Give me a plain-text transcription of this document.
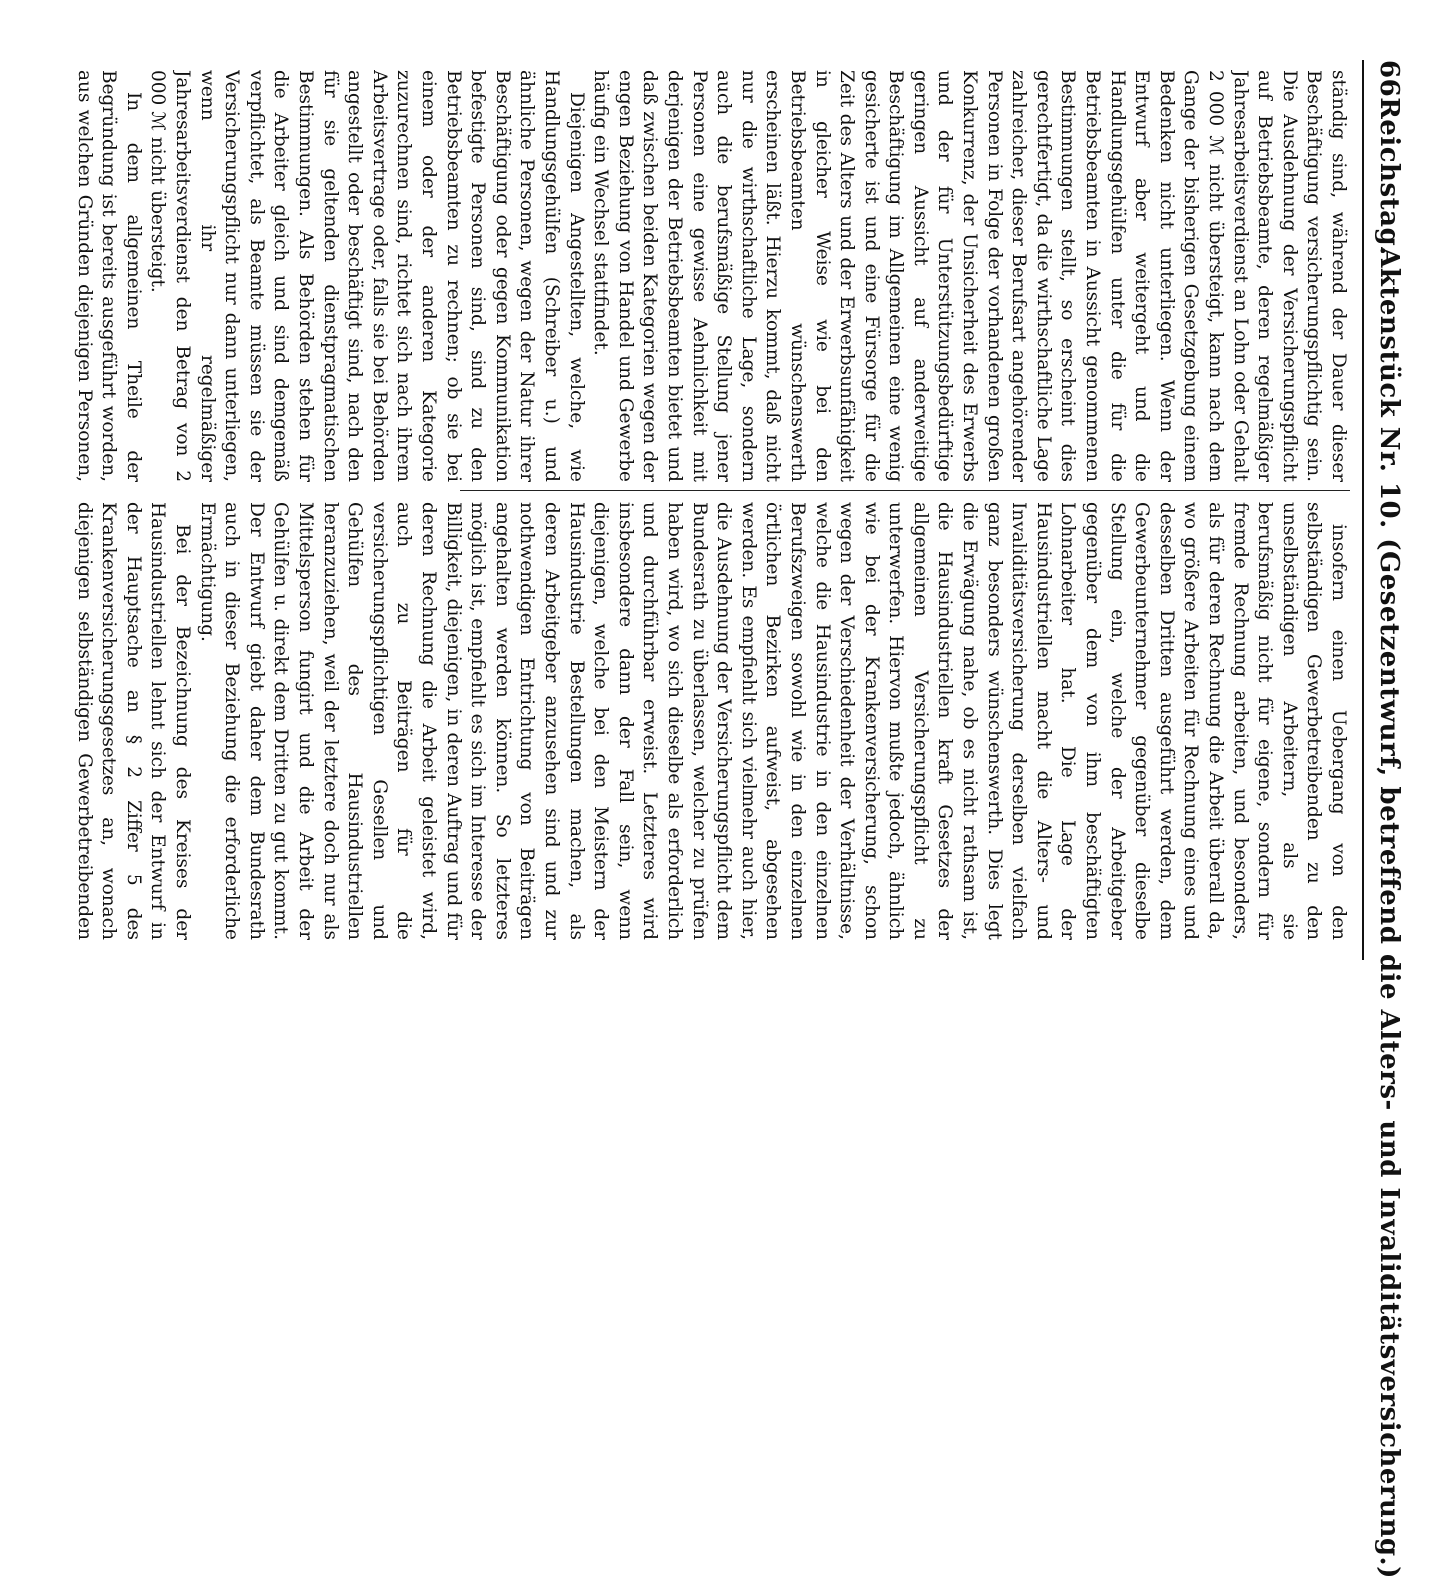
66
Reichstag.
Aktenstück Nr. 10. (Gesetzentwurf, betreffend die Alters- und Invaliditätsversicherung.)

ständig sind, während der Dauer dieser Beschäftigung versicherungspflichtig sein. Die Ausdehnung der Versicherungspflicht auf Betriebsbeamte, deren regelmäßiger Jahresarbeitsverdienst an Lohn oder Gehalt 2 000 ℳ nicht übersteigt, kann nach dem Gange der bisherigen Gesetzgebung einem Bedenken nicht unterliegen. Wenn der Entwurf aber weitergeht und die Handlungsgehülfen unter die für die Betriebsbeamten in Aussicht genommenen Bestimmungen stellt, so erscheint dies gerechtfertigt, da die wirthschaftliche Lage zahlreicher, dieser Berufsart angehörender Personen in Folge der vorhandenen großen Konkurrenz, der Unsicherheit des Erwerbs und der für Unterstützungsbedürftige geringen Aussicht auf anderweitige Beschäftigung im Allgemeinen eine wenig gesicherte ist und eine Fürsorge für die Zeit des Alters und der Erwerbsunfähigkeit in gleicher Weise wie bei den Betriebsbeamten wünschenswerth erscheinen läßt. Hierzu kommt, daß nicht nur die wirthschaftliche Lage, sondern auch die berufsmäßige Stellung jener Personen eine gewisse Aehnlichkeit mit derjenigen der Betriebsbeamten bietet und daß zwischen beiden Kategorien wegen der engen Beziehung von Handel und Gewerbe häufig ein Wechsel stattfindet.

Diejenigen Angestellten, welche, wie Handlungsgehülfen (Schreiber u.) und ähnliche Personen, wegen der Natur ihrer Beschäftigung oder gegen Kommunikation befestigte Personen sind, sind zu den Betriebsbeamten zu rechnen; ob sie bei einem oder der anderen Kategorie zuzurechnen sind, richtet sich nach ihrem Arbeitsvertrage oder, falls sie bei Behörden angestellt oder beschäftigt sind, nach den für sie geltenden dienstpragmatischen Bestimmungen. Als Behörden stehen für die Arbeiter gleich und sind demgemäß verpflichtet, als Beamte müssen sie der Versicherungspflicht nur dann unterliegen, wenn ihr regelmäßiger Jahresarbeitsverdienst den Betrag von 2 000 ℳ nicht übersteigt.

In dem allgemeinen Theile der Begründung ist bereits ausgeführt worden, aus welchen Gründen diejenigen Personen,

insofern einen Uebergang von den selbständigen Gewerbetreibenden zu den unselbständigen Arbeitern, als sie berufsmäßig nicht für eigene, sondern für fremde Rechnung arbeiten, und besonders, als für deren Rechnung die Arbeit überall da, wo größere Arbeiten für Rechnung eines und desselben Dritten ausgeführt werden, dem Gewerbeunternehmer gegenüber dieselbe Stellung ein, welche der Arbeitgeber gegenüber dem von ihm beschäftigten Lohnarbeiter hat. Die Lage der Hausindustriellen macht die Alters- und Invaliditätsversicherung derselben vielfach ganz besonders wünschenswerth. Dies legt die Erwägung nahe, ob es nicht rathsam ist, die Hausindustriellen kraft Gesetzes der allgemeinen Versicherungspflicht zu unterwerfen. Hiervon mußte jedoch, ähnlich wie bei der Krankenversicherung, schon wegen der Verschiedenheit der Verhältnisse, welche die Hausindustrie in den einzelnen Berufszweigen sowohl wie in den einzelnen örtlichen Bezirken aufweist, abgesehen werden. Es empfiehlt sich vielmehr auch hier, die Ausdehnung der Versicherungspflicht dem Bundesrath zu überlassen, welcher zu prüfen haben wird, wo sich dieselbe als erforderlich und durchführbar erweist. Letzteres wird insbesondere dann der Fall sein, wenn diejenigen, welche bei den Meistern der Hausindustrie Bestellungen machen, als deren Arbeitgeber anzusehen sind und zur nothwendigen Entrichtung von Beiträgen angehalten werden können. So letzteres möglich ist, empfiehlt es sich im Interesse der Billigkeit, diejenigen, in deren Auftrag und für deren Rechnung die Arbeit geleistet wird, auch zu Beiträgen für die versicherungspflichtigen Gesellen und Gehülfen des Hausindustriellen heranzuziehen, weil der letztere doch nur als Mittelsperson fungirt und die Arbeit der Gehülfen u. direkt dem Dritten zu gut kommt. Der Entwurf giebt daher dem Bundesrath auch in dieser Beziehung die erforderliche Ermächtigung.

Bei der Bezeichnung des Kreises der Hausindustriellen lehnt sich der Entwurf in der Hauptsache an § 2 Ziffer 5 des Krankenversicherungsgesetzes an, wonach diejenigen selbständigen Gewerbetreibenden
